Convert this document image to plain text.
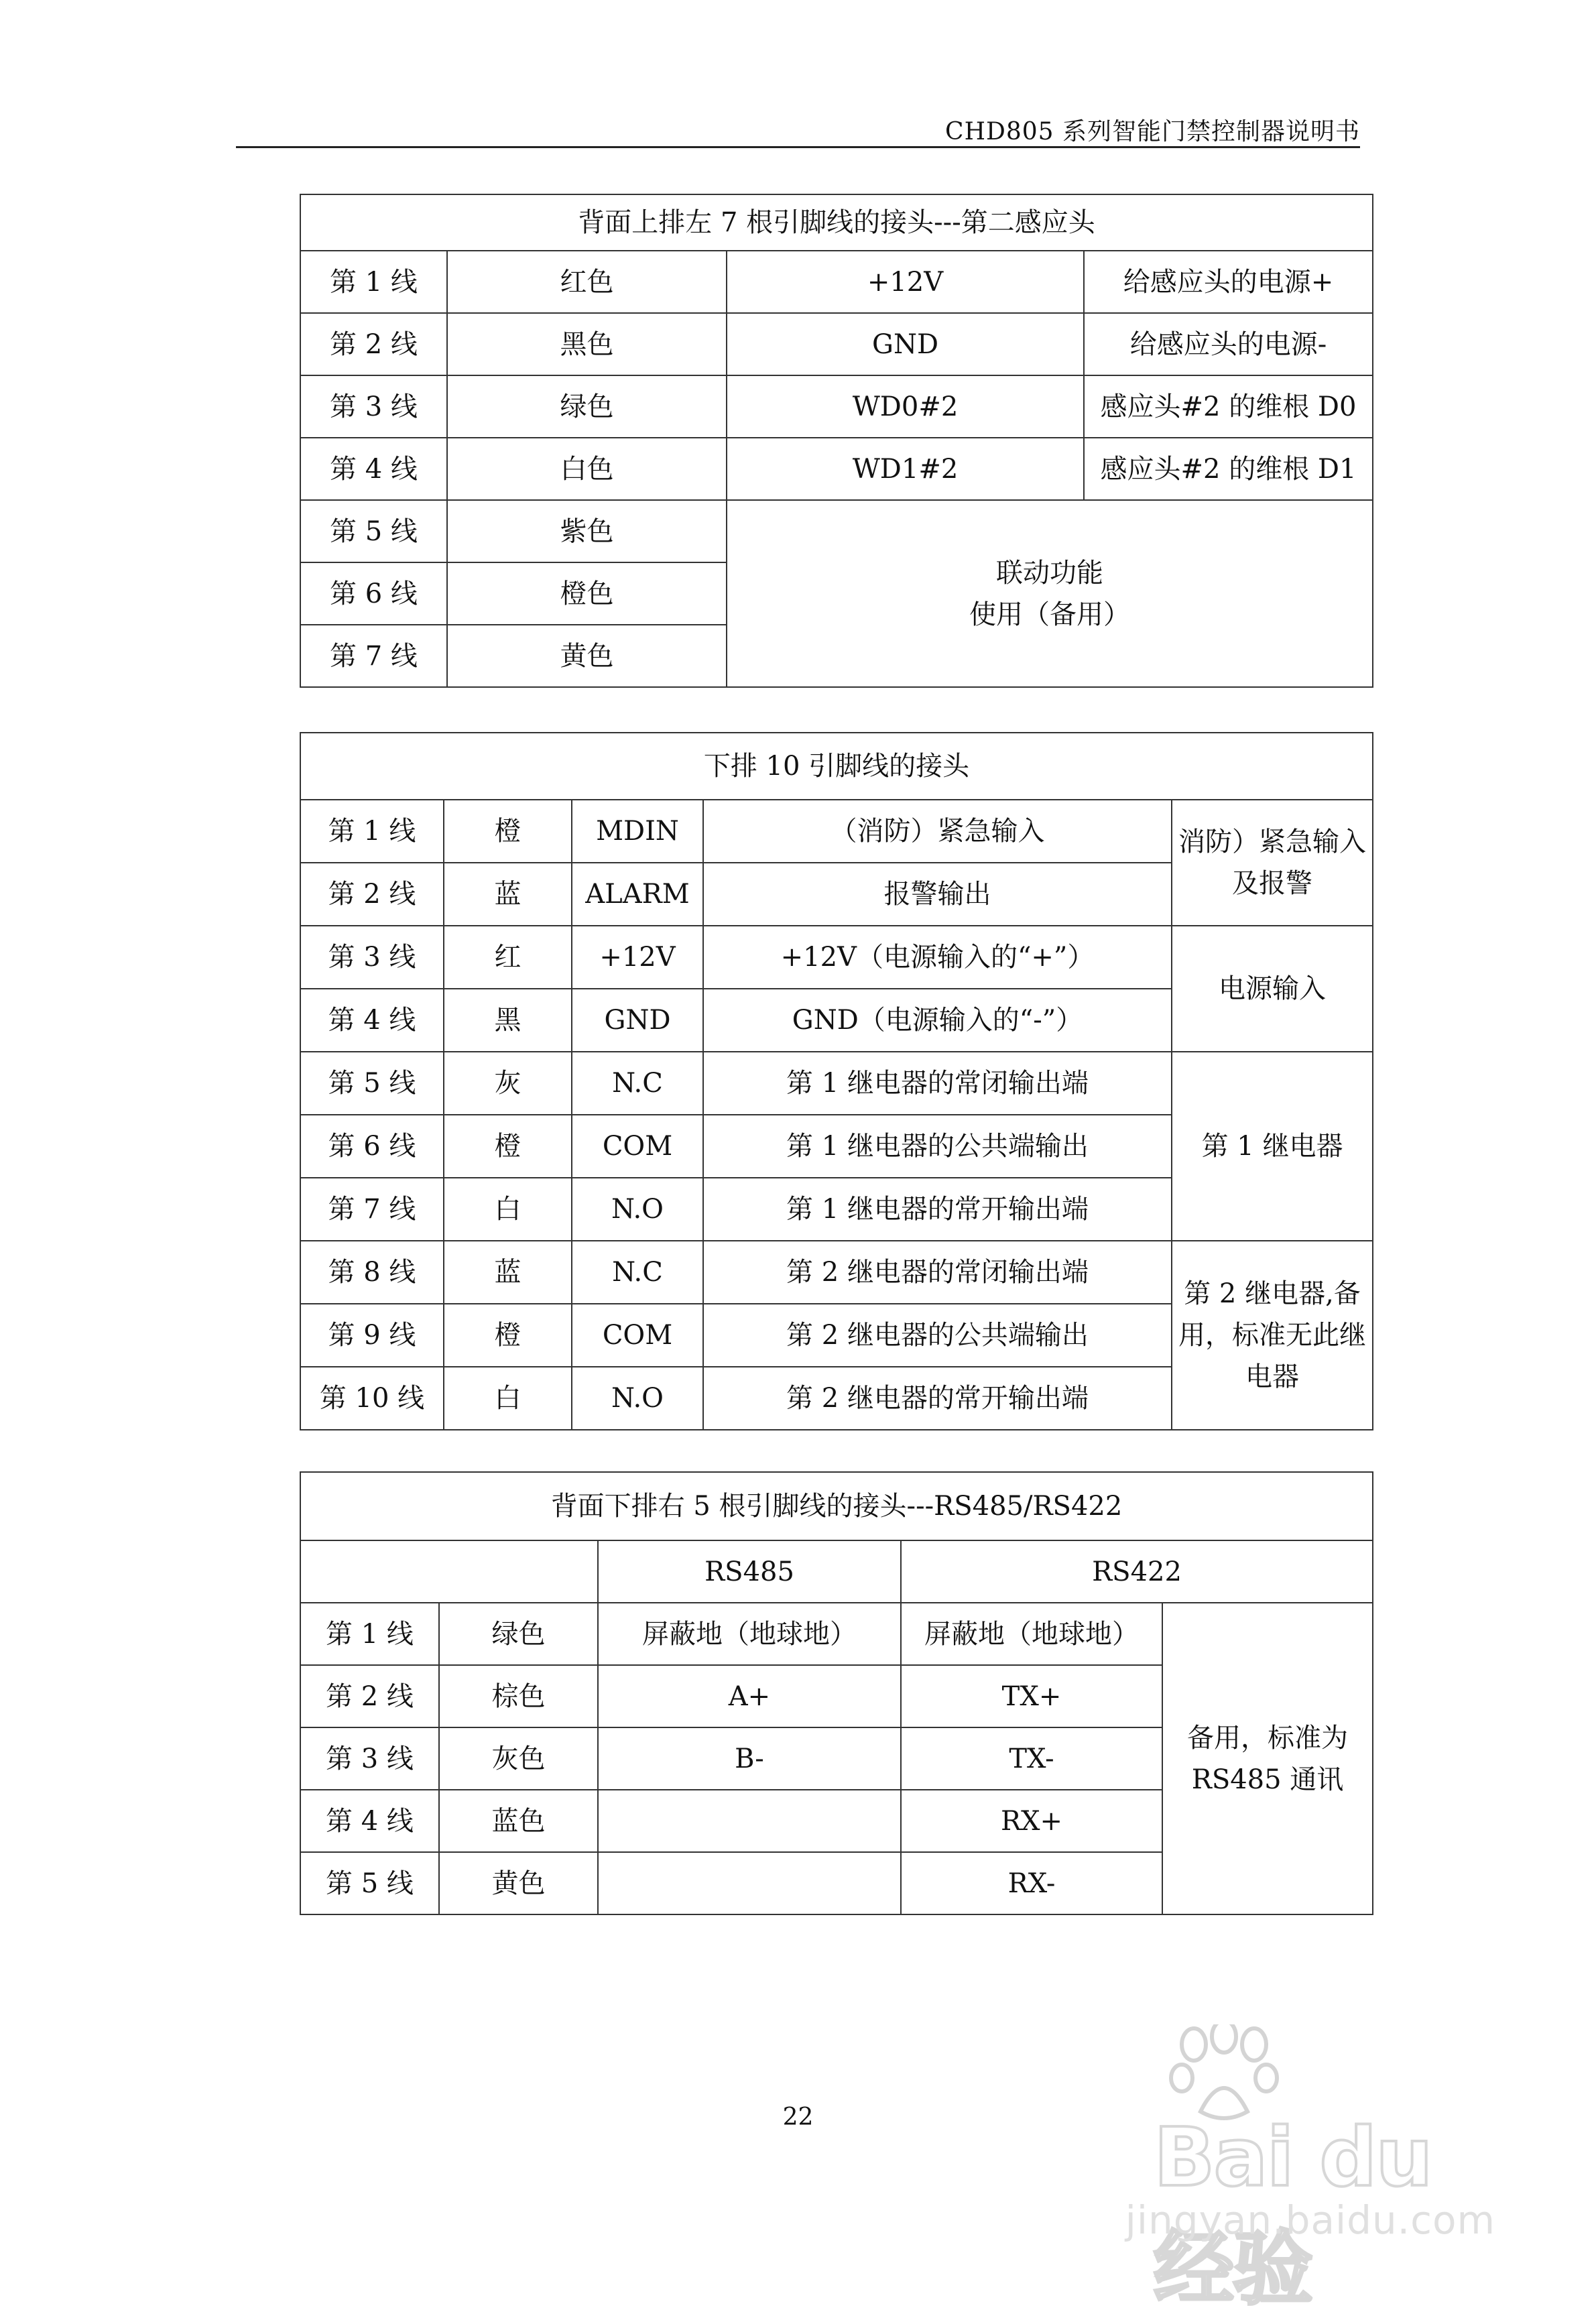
CHD805 系列智能门禁控制器说明书
背面上排左 7 根引脚线的接头---第二感应头			
第 1 线	红色	+12V	给感应头的电源+
第 2 线	黑色	GND	给感应头的电源-
第 3 线	绿色	WD0#2	感应头#2 的维根 D0
第 4 线	白色	WD1#2	感应头#2 的维根 D1
第 5 线	紫色	联动功能
使用（备用）	

第 6 线	橙色		
第 7 线	黄色		
下排 10 引脚线的接头				
第 1 线	橙	MDIN	（消防）紧急输入	消防）紧急输入及报警
第 2 线	蓝	ALARM	报警输出	
第 3 线	红	+12V	+12V（电源输入的“+”）	电源输入
第 4 线	黑	GND	GND（电源输入的“-”）	
第 5 线	灰	N.C	第 1 继电器的常闭输出端	第 1 继电器
第 6 线	橙	COM	第 1 继电器的公共端输出	
第 7 线	白	N.O	第 1 继电器的常开输出端	
第 8 线	蓝	N.C	第 2 继电器的常闭输出端	第 2 继电器,备用，标准无此继电器
第 9 线	橙	COM	第 2 继电器的公共端输出	
第 10 线	白	N.O	第 2 继电器的常开输出端	
背面下排右 5 根引脚线的接头---RS485/RS422				
		RS485	RS422	
第 1 线	绿色	屏蔽地（地球地）	屏蔽地（地球地）	备用，标准为 RS485 通讯
第 2 线	棕色	A+	TX+	
第 3 线	灰色	B-	TX-	
第 4 线	蓝色		RX+	
第 5 线	黄色		RX-	
22	Bai du 经验
jingyan.baidu.com
